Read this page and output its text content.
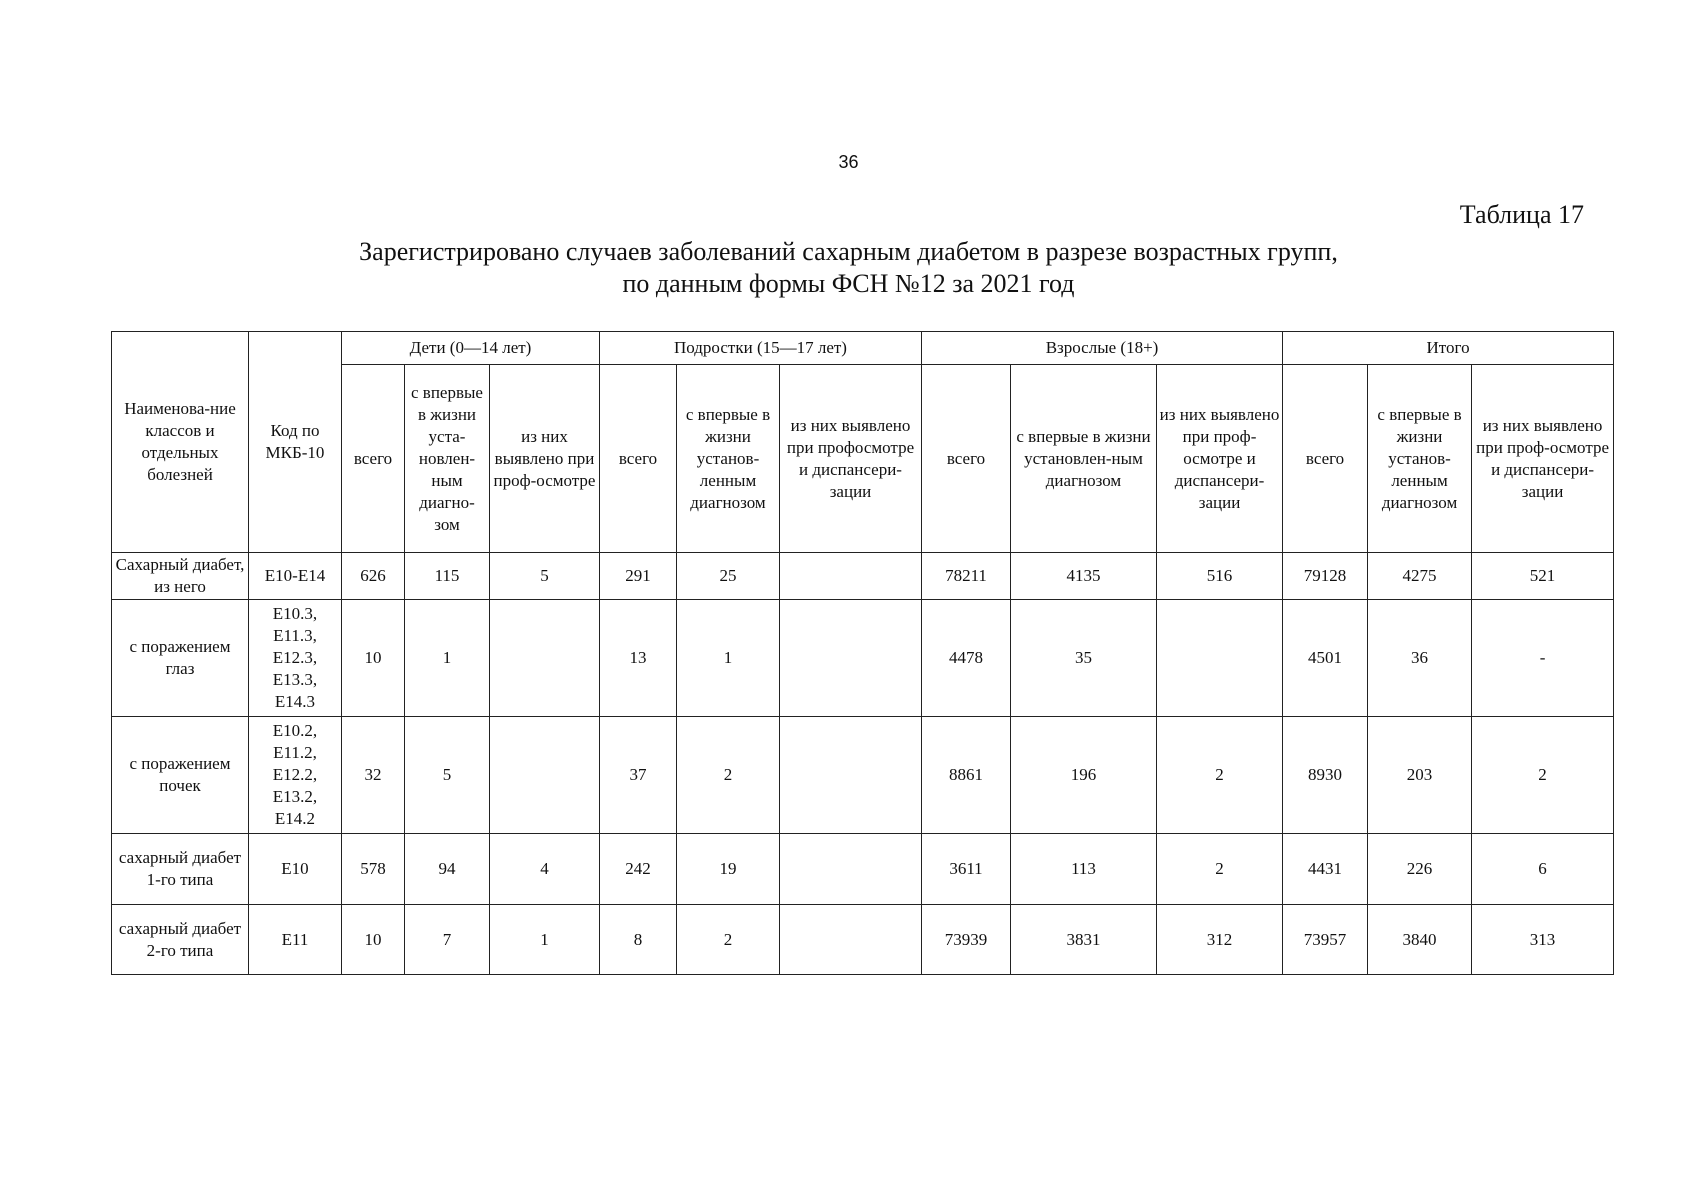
36
Таблица 17
Зарегистрировано случаев заболеваний сахарным диабетом в разрезе возрастных групп,
по данным формы ФСН №12 за 2021 год
Наименова-ние классов и отдельных болезней	Код по МКБ-10	Дети (0—14 лет)			Подростки (15—17 лет)			Взрослые (18+)			Итого		
		всего	с впервые в жизни уста-новлен-ным диагно-зом	из них выявлено при проф-осмотре	всего	с впервые в жизни установ-ленным диагнозом	из них выявлено при профосмотре и диспансери-зации	всего	с впервые в жизни установлен-ным диагнозом	из них выявлено при проф-осмотре и диспансери-зации	всего	с впервые в жизни установ-ленным диагнозом	из них выявлено при проф-осмотре и диспансери-зации
Сахарный диабет, из него	Е10-Е14	626	115	5	291	25		78211	4135	516	79128	4275	521
с поражением глаз	Е10.3, Е11.3, Е12.3, Е13.3, Е14.3	10	1		13	1		4478	35		4501	36	-
с поражением почек	Е10.2, Е11.2, Е12.2, Е13.2, Е14.2	32	5		37	2		8861	196	2	8930	203	2
сахарный диабет 1-го типа	Е10	578	94	4	242	19		3611	113	2	4431	226	6
сахарный диабет 2-го типа	Е11	10	7	1	8	2		73939	3831	312	73957	3840	313
